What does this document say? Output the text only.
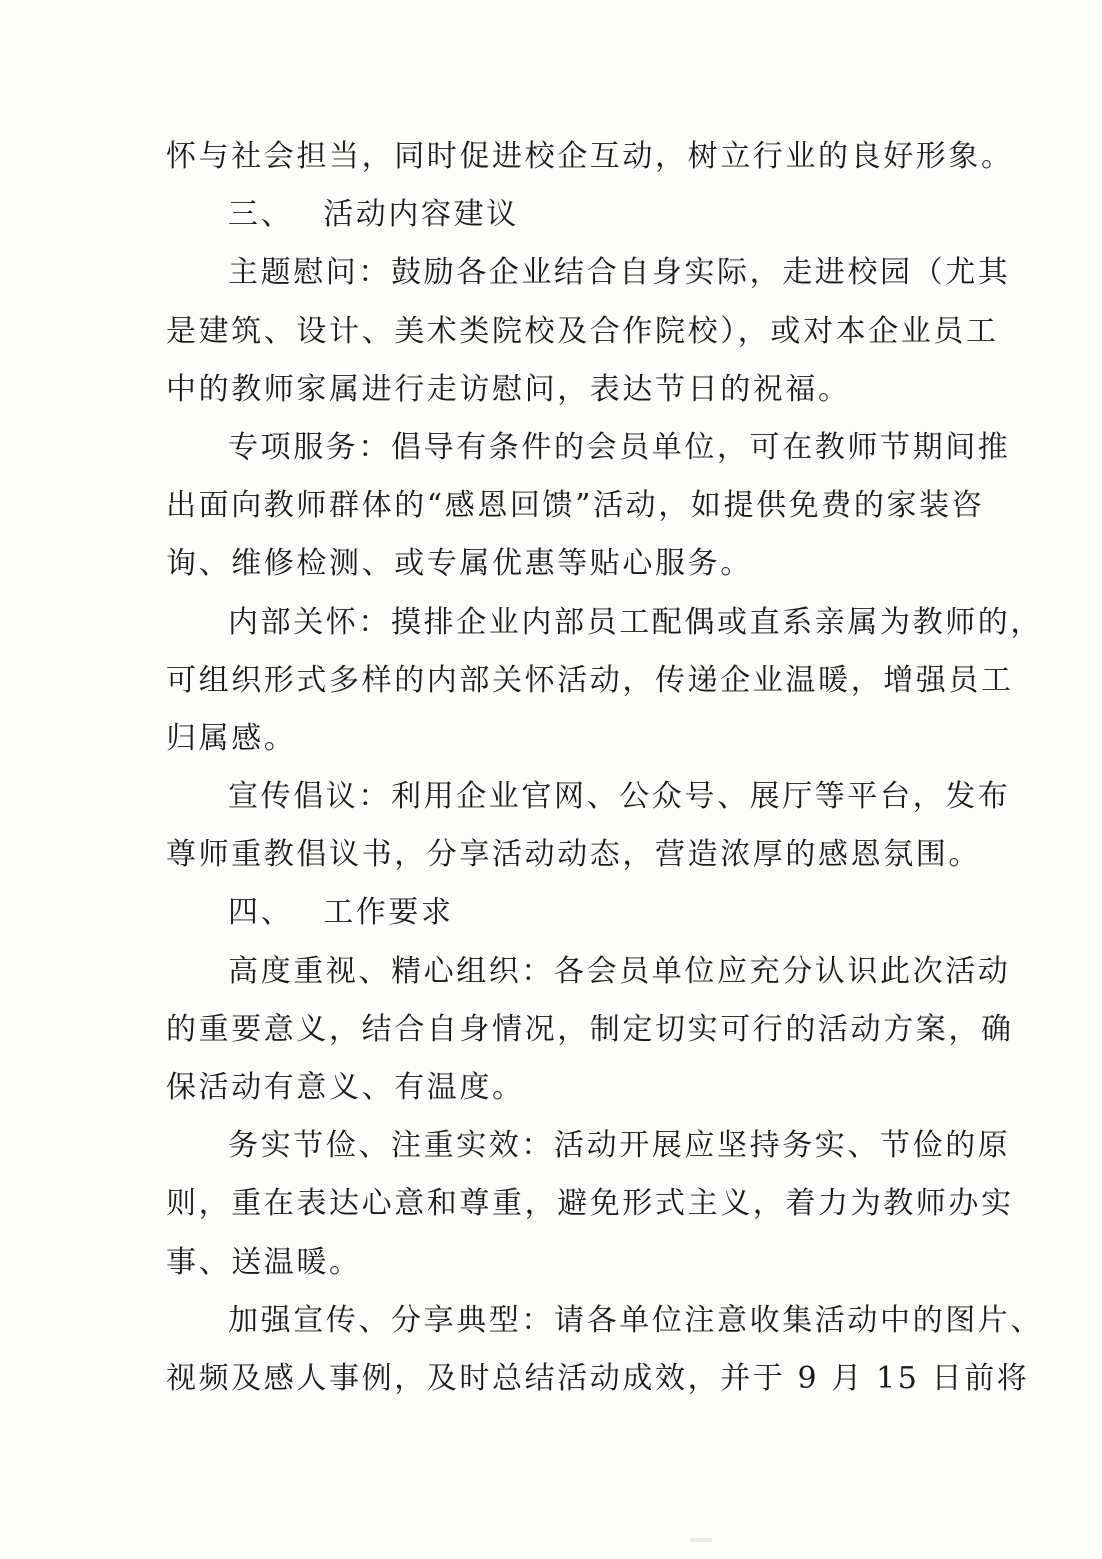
怀与社会担当，同时促进校企互动，树立行业的良好形象。
三、 活动内容建议
主题慰问：鼓励各企业结合自身实际，走进校园（尤其
是建筑、设计、美术类院校及合作院校），或对本企业员工
中的教师家属进行走访慰问，表达节日的祝福。
专项服务：倡导有条件的会员单位，可在教师节期间推
出面向教师群体的“感恩回馈”活动，如提供免费的家装咨
询、维修检测、或专属优惠等贴心服务。
内部关怀：摸排企业内部员工配偶或直系亲属为教师的，
可组织形式多样的内部关怀活动，传递企业温暖，增强员工
归属感。
宣传倡议：利用企业官网、公众号、展厅等平台，发布
尊师重教倡议书，分享活动动态，营造浓厚的感恩氛围。
四、 工作要求
高度重视、精心组织：各会员单位应充分认识此次活动
的重要意义，结合自身情况，制定切实可行的活动方案，确
保活动有意义、有温度。
务实节俭、注重实效：活动开展应坚持务实、节俭的原
则，重在表达心意和尊重，避免形式主义，着力为教师办实
事、送温暖。
加强宣传、分享典型：请各单位注意收集活动中的图片、
视频及感人事例，及时总结活动成效，并于 9 月 15 日前将
